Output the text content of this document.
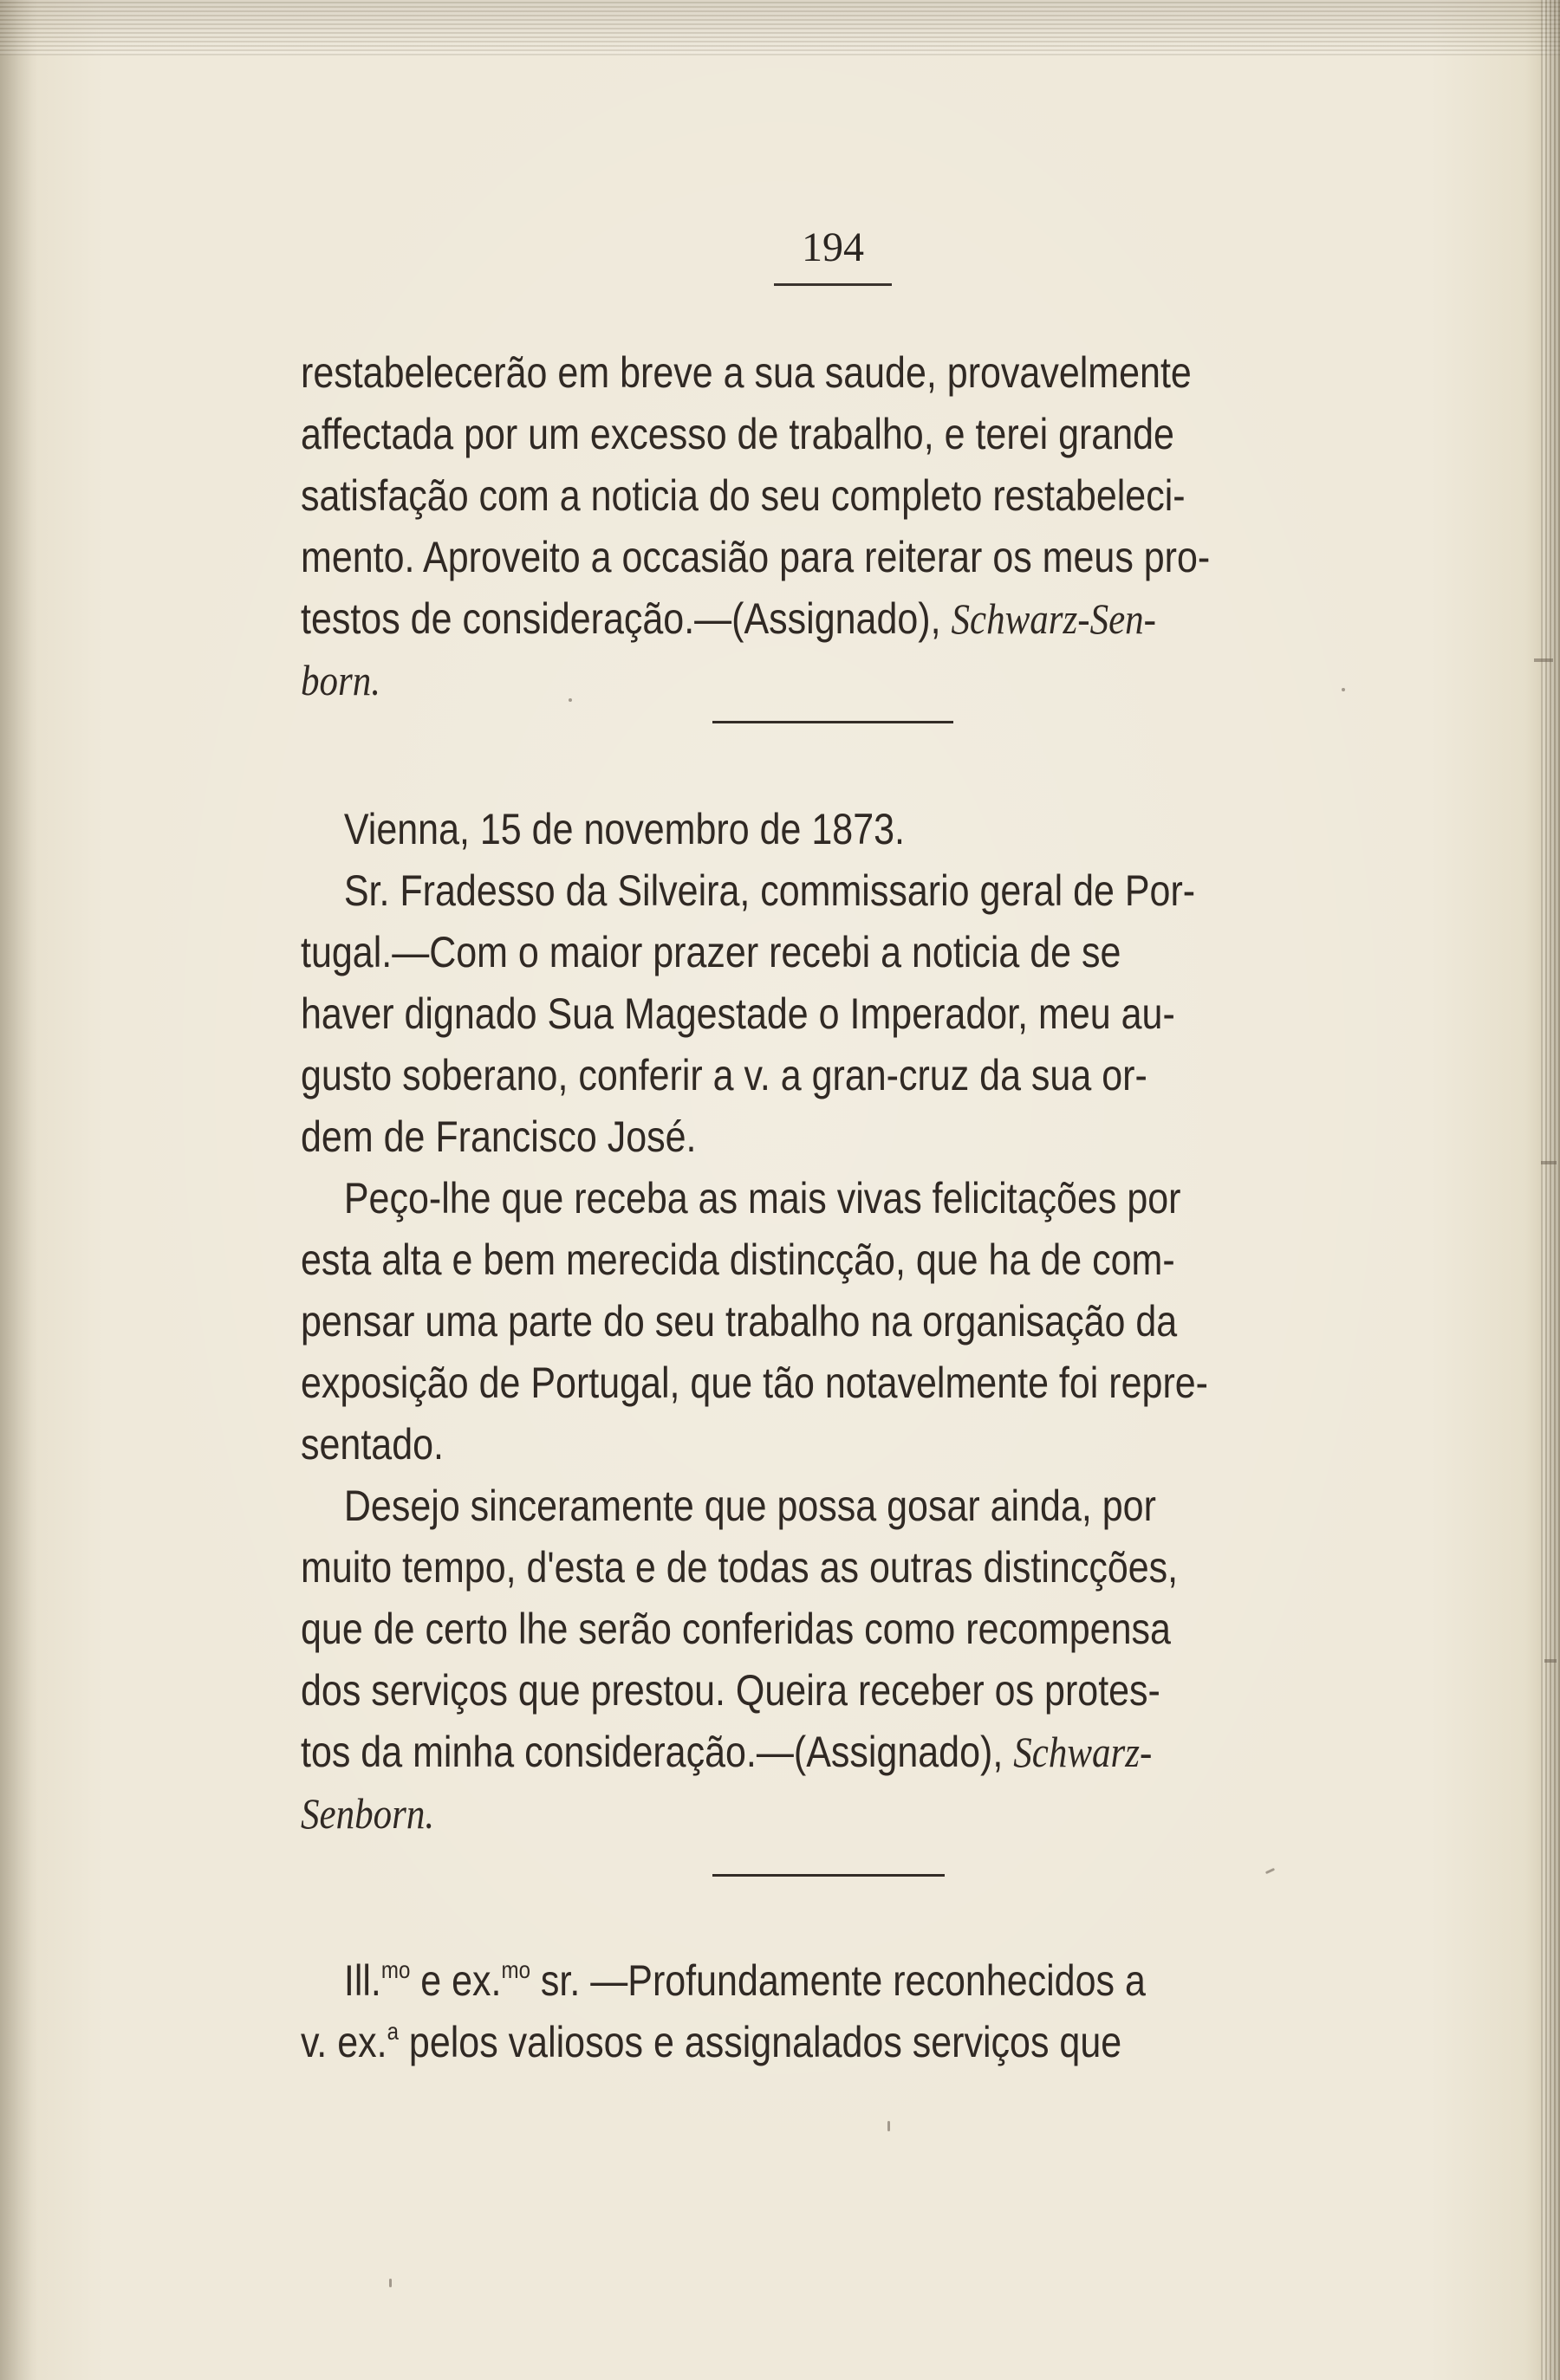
194
restabelecerão em breve a sua saude, provavelmente
affectada por um excesso de trabalho, e terei grande
satisfação com a noticia do seu completo restabeleci-
mento. Aproveito a occasião para reiterar os meus pro-
testos de consideração.—(Assignado), Schwarz-Sen-
born.
Vienna, 15 de novembro de 1873.
Sr. Fradesso da Silveira, commissario geral de Por-
tugal.—Com o maior prazer recebi a noticia de se
haver dignado Sua Magestade o Imperador, meu au-
gusto soberano, conferir a v. a gran-cruz da sua or-
dem de Francisco José.
Peço-lhe que receba as mais vivas felicitações por
esta alta e bem merecida distincção, que ha de com-
pensar uma parte do seu trabalho na organisação da
exposição de Portugal, que tão notavelmente foi repre-
sentado.
Desejo sinceramente que possa gosar ainda, por
muito tempo, d'esta e de todas as outras distincções,
que de certo lhe serão conferidas como recompensa
dos serviços que prestou. Queira receber os protes-
tos da minha consideração.—(Assignado), Schwarz-
Senborn.
Ill.$^{mo}$ e ex.$^{mo}$ sr. —Profundamente reconhecidos a
v. ex.$^a$ pelos valiosos e assignalados serviços que
